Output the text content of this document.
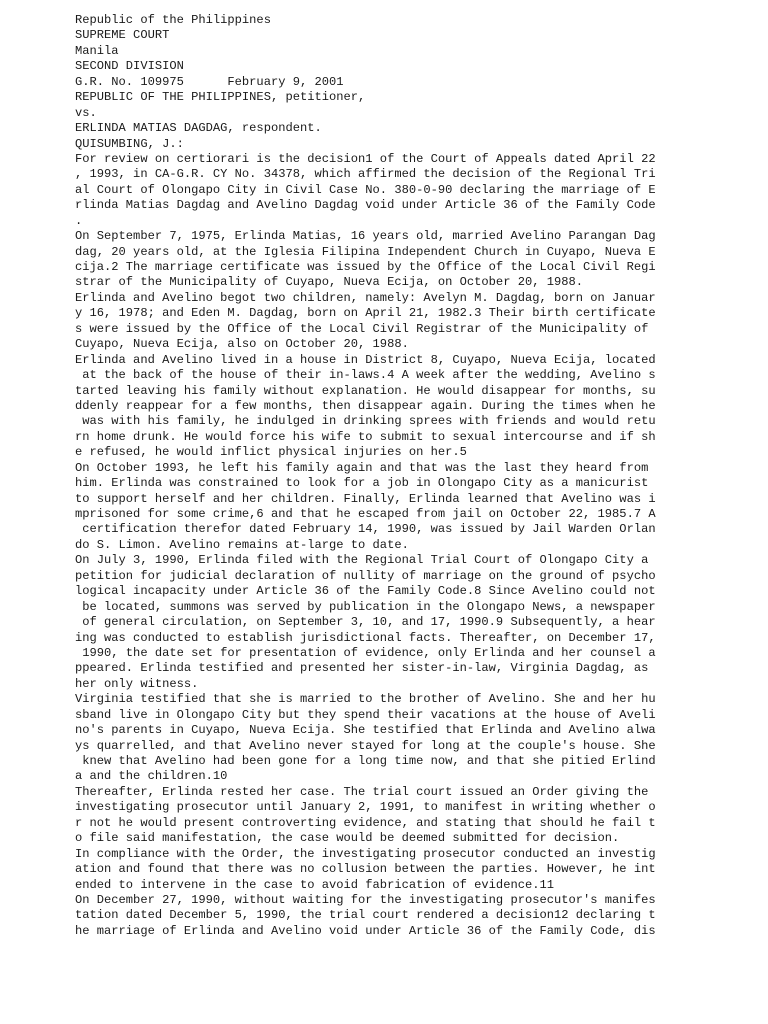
Republic of the Philippines
SUPREME COURT
Manila
SECOND DIVISION
G.R. No. 109975      February 9, 2001
REPUBLIC OF THE PHILIPPINES, petitioner,
vs.
ERLINDA MATIAS DAGDAG, respondent.
QUISUMBING, J.:
For review on certiorari is the decision1 of the Court of Appeals dated April 22
, 1993, in CA-G.R. CY No. 34378, which affirmed the decision of the Regional Tri
al Court of Olongapo City in Civil Case No. 380-0-90 declaring the marriage of E
rlinda Matias Dagdag and Avelino Dagdag void under Article 36 of the Family Code
.
On September 7, 1975, Erlinda Matias, 16 years old, married Avelino Parangan Dag
dag, 20 years old, at the Iglesia Filipina Independent Church in Cuyapo, Nueva E
cija.2 The marriage certificate was issued by the Office of the Local Civil Regi
strar of the Municipality of Cuyapo, Nueva Ecija, on October 20, 1988.
Erlinda and Avelino begot two children, namely: Avelyn M. Dagdag, born on Januar
y 16, 1978; and Eden M. Dagdag, born on April 21, 1982.3 Their birth certificate
s were issued by the Office of the Local Civil Registrar of the Municipality of
Cuyapo, Nueva Ecija, also on October 20, 1988.
Erlinda and Avelino lived in a house in District 8, Cuyapo, Nueva Ecija, located
at the back of the house of their in-laws.4 A week after the wedding, Avelino s
tarted leaving his family without explanation. He would disappear for months, su
ddenly reappear for a few months, then disappear again. During the times when he
was with his family, he indulged in drinking sprees with friends and would retu
rn home drunk. He would force his wife to submit to sexual intercourse and if sh
e refused, he would inflict physical injuries on her.5
On October 1993, he left his family again and that was the last they heard from
him. Erlinda was constrained to look for a job in Olongapo City as a manicurist
to support herself and her children. Finally, Erlinda learned that Avelino was i
mprisoned for some crime,6 and that he escaped from jail on October 22, 1985.7 A
certification therefor dated February 14, 1990, was issued by Jail Warden Orlan
do S. Limon. Avelino remains at-large to date.
On July 3, 1990, Erlinda filed with the Regional Trial Court of Olongapo City a
petition for judicial declaration of nullity of marriage on the ground of psycho
logical incapacity under Article 36 of the Family Code.8 Since Avelino could not
be located, summons was served by publication in the Olongapo News, a newspaper
of general circulation, on September 3, 10, and 17, 1990.9 Subsequently, a hear
ing was conducted to establish jurisdictional facts. Thereafter, on December 17,
1990, the date set for presentation of evidence, only Erlinda and her counsel a
ppeared. Erlinda testified and presented her sister-in-law, Virginia Dagdag, as
her only witness.
Virginia testified that she is married to the brother of Avelino. She and her hu
sband live in Olongapo City but they spend their vacations at the house of Aveli
no's parents in Cuyapo, Nueva Ecija. She testified that Erlinda and Avelino alwa
ys quarrelled, and that Avelino never stayed for long at the couple's house. She
knew that Avelino had been gone for a long time now, and that she pitied Erlind
a and the children.10
Thereafter, Erlinda rested her case. The trial court issued an Order giving the
investigating prosecutor until January 2, 1991, to manifest in writing whether o
r not he would present controverting evidence, and stating that should he fail t
o file said manifestation, the case would be deemed submitted for decision.
In compliance with the Order, the investigating prosecutor conducted an investig
ation and found that there was no collusion between the parties. However, he int
ended to intervene in the case to avoid fabrication of evidence.11
On December 27, 1990, without waiting for the investigating prosecutor's manifes
tation dated December 5, 1990, the trial court rendered a decision12 declaring t
he marriage of Erlinda and Avelino void under Article 36 of the Family Code, dis
